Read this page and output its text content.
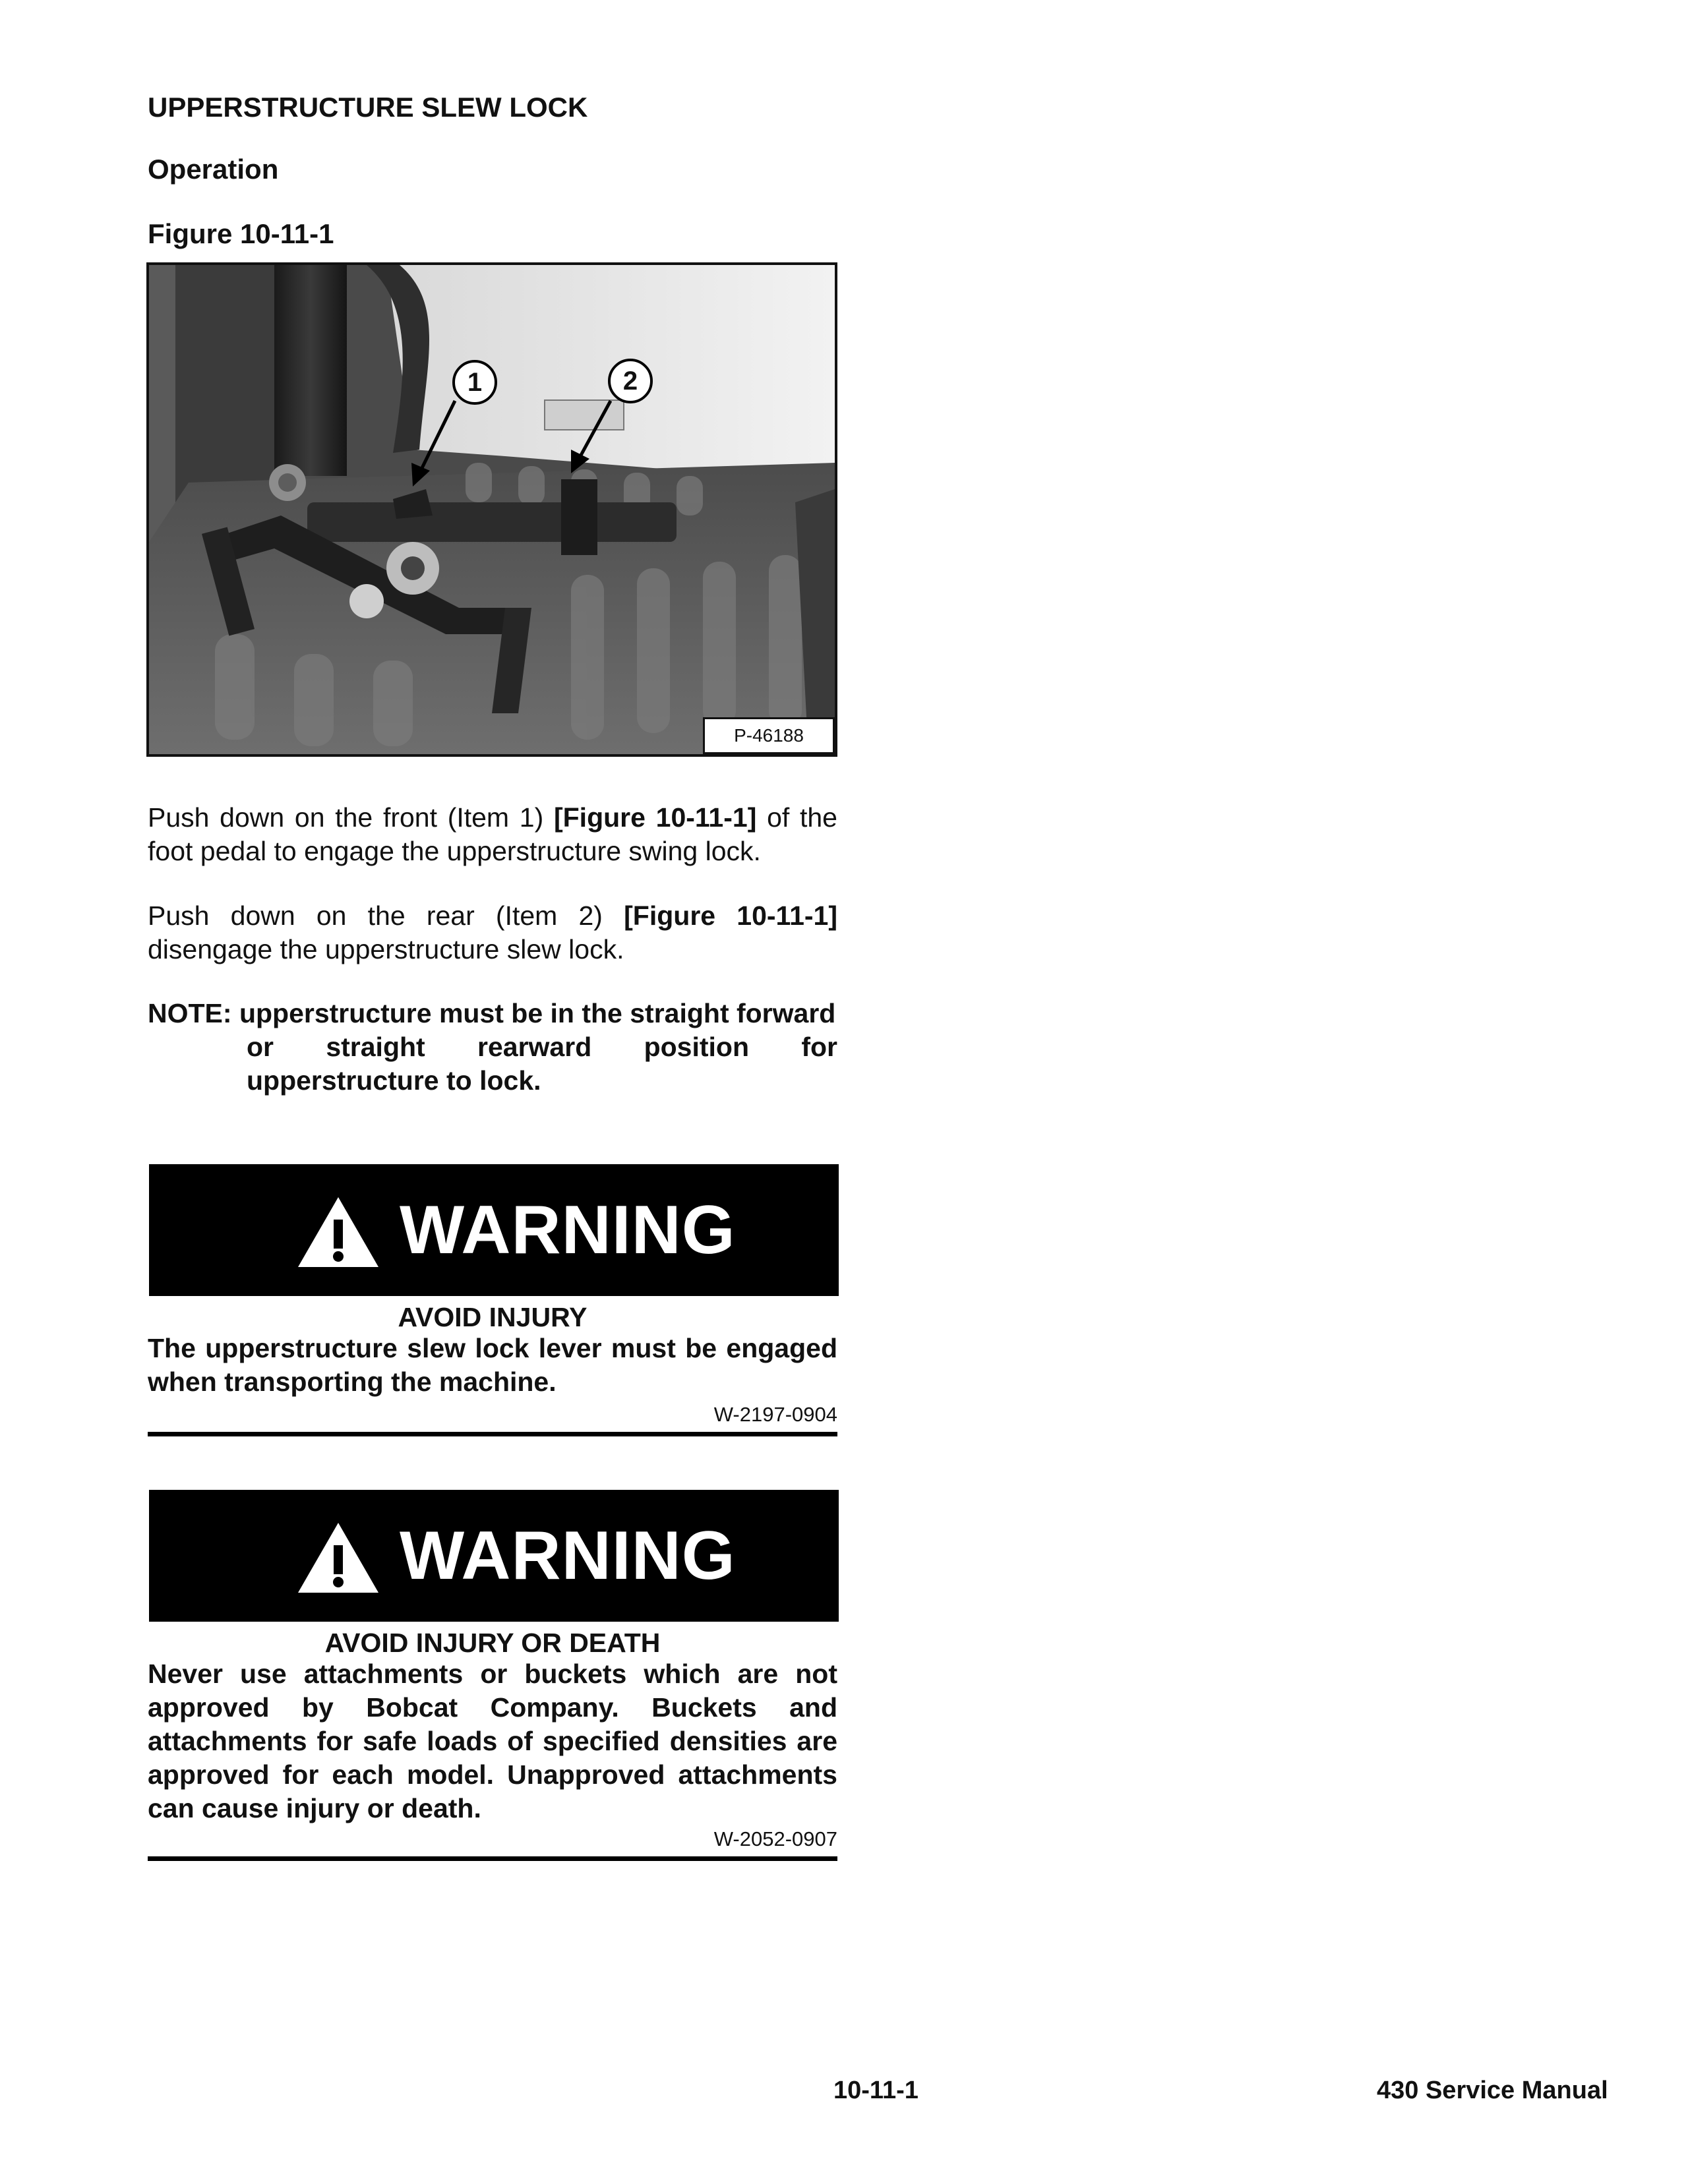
UPPERSTRUCTURE SLEW LOCK
Operation
Figure 10-11-1
1	2
P-46188
Push down on the front (Item 1) [Figure 10-11-1] of the foot pedal to engage the upperstructure swing lock.
Push down on the rear (Item 2) [Figure 10-11-1] disengage the upperstructure slew lock.
NOTE: upperstructure must be in the straight forward
or straight rearward position for upperstructure to lock.
WARNING
AVOID INJURY
The upperstructure slew lock lever must be engaged when transporting the machine.
W-2197-0904
WARNING
AVOID INJURY OR DEATH
Never use attachments or buckets which are not approved by Bobcat Company. Buckets and attachments for safe loads of specified densities are approved for each model. Unapproved attachments can cause injury or death.
W-2052-0907
10-11-1	430 Service Manual
